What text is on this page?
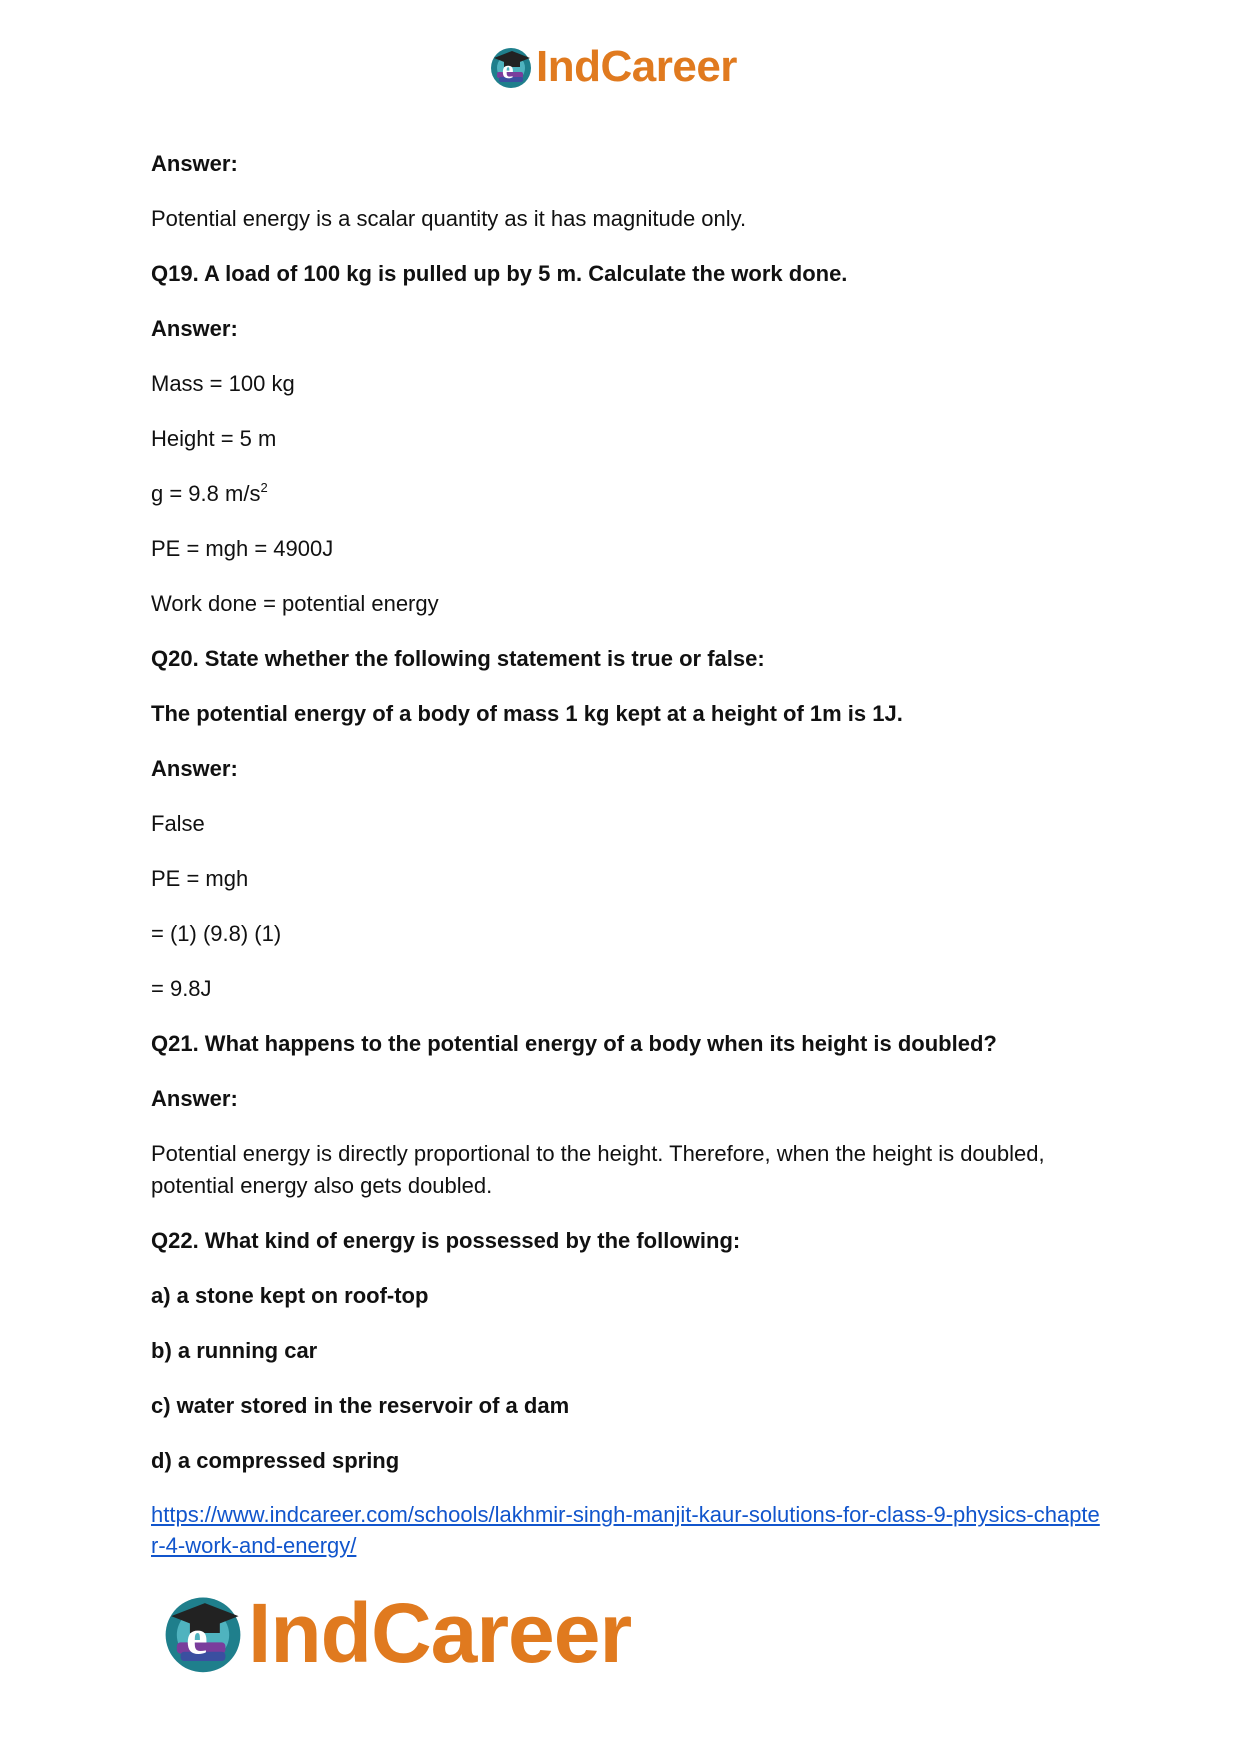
e IndCareer

Answer:

Potential energy is a scalar quantity as it has magnitude only.

Q19. A load of 100 kg is pulled up by 5 m. Calculate the work done.

Answer:

Mass = 100 kg

Height = 5 m

g = 9.8 $m/s^2$

PE = mgh = 4900J

Work done = potential energy

Q20. State whether the following statement is true or false:

The potential energy of a body of mass 1 kg kept at a height of 1m is 1J.

Answer:

False

PE = mgh

= (1) (9.8) (1)

= 9.8J

Q21. What happens to the potential energy of a body when its height is doubled?

Answer:

Potential energy is directly proportional to the height. Therefore, when the height is doubled, potential energy also gets doubled.

Q22. What kind of energy is possessed by the following:

a) a stone kept on roof-top

b) a running car

c) water stored in the reservoir of a dam

d) a compressed spring

https://www.indcareer.com/schools/lakhmir-singh-manjit-kaur-solutions-for-class-9-physics-chapter-4-work-and-energy/
e IndCareer
